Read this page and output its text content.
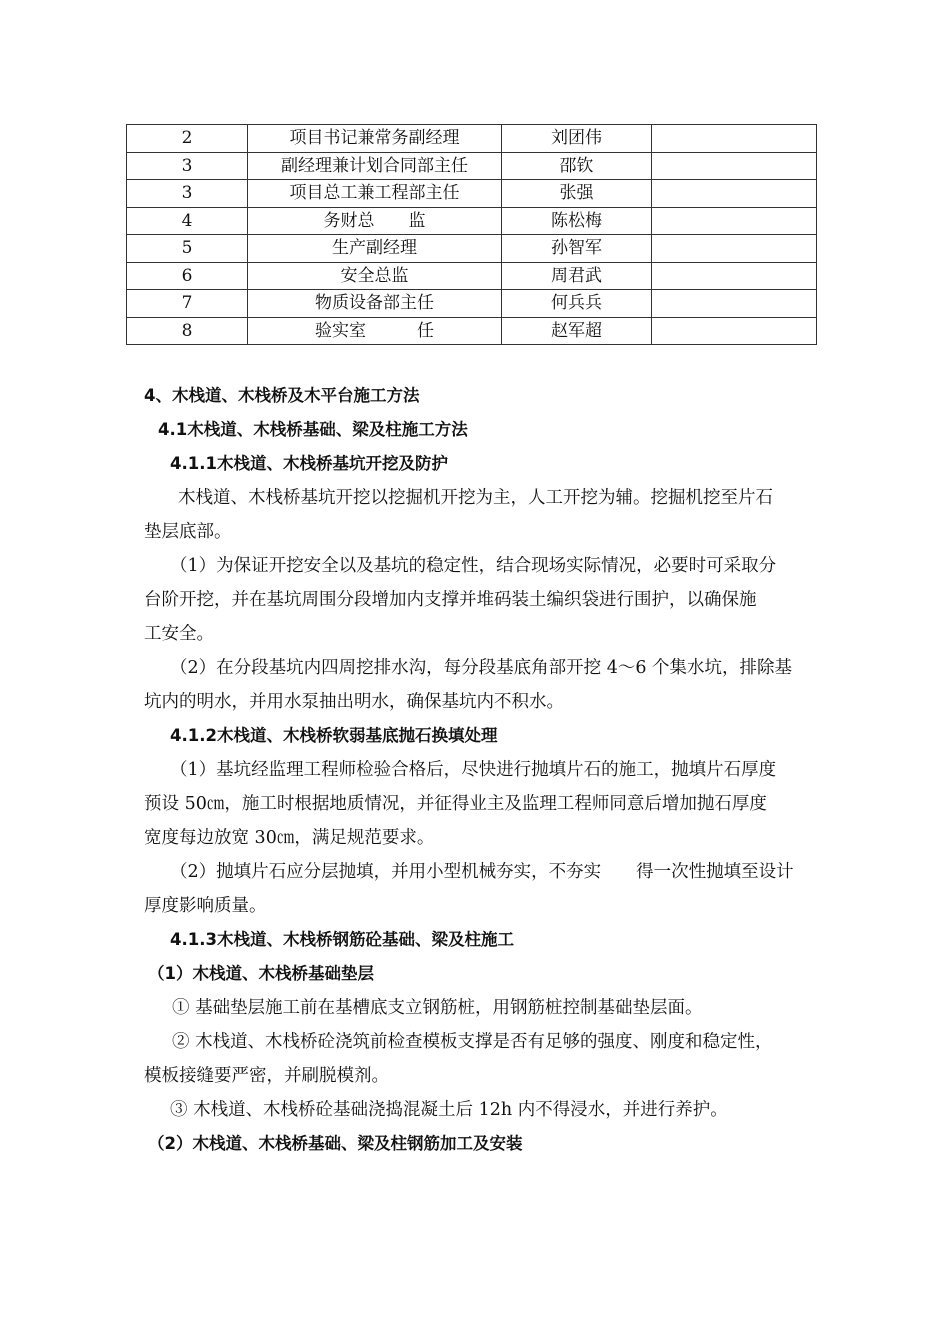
2	项目书记兼常务副经理	刘团伟	
3	副经理兼计划合同部主任	邵钦	
3	项目总工兼工程部主任	张强	
4	务财总　　监	陈松梅	
5	生产副经理	孙智军	
6	安全总监	周君武	
7	物质设备部主任	何兵兵	
8	验实室　　　任	赵军超	
4、木栈道、木栈桥及木平台施工方法
4.1木栈道、木栈桥基础、梁及柱施工方法
4.1.1木栈道、木栈桥基坑开挖及防护
木栈道、木栈桥基坑开挖以挖掘机开挖为主，人工开挖为辅。挖掘机挖至片石
垫层底部。
（1）为保证开挖安全以及基坑的稳定性，结合现场实际情况，必要时可采取分
台阶开挖，并在基坑周围分段增加内支撑并堆码装土编织袋进行围护，以确保施
工安全。
（2）在分段基坑内四周挖排水沟，每分段基底角部开挖 4～6 个集水坑，排除基
坑内的明水，并用水泵抽出明水，确保基坑内不积水。
4.1.2木栈道、木栈桥软弱基底抛石换填处理
（1）基坑经监理工程师检验合格后，尽快进行抛填片石的施工，抛填片石厚度
预设 50㎝，施工时根据地质情况，并征得业主及监理工程师同意后增加抛石厚度
宽度每边放宽 30㎝，满足规范要求。
（2）抛填片石应分层抛填，并用小型机械夯实，不夯实　　得一次性抛填至设计
厚度影响质量。
4.1.3木栈道、木栈桥钢筋砼基础、梁及柱施工
（1）木栈道、木栈桥基础垫层
① 基础垫层施工前在基槽底支立钢筋桩，用钢筋桩控制基础垫层面。
② 木栈道、木栈桥砼浇筑前检查模板支撑是否有足够的强度、刚度和稳定性，
模板接缝要严密，并刷脱模剂。
③ 木栈道、木栈桥砼基础浇捣混凝土后 12h 内不得浸水，并进行养护。
（2）木栈道、木栈桥基础、梁及柱钢筋加工及安装
